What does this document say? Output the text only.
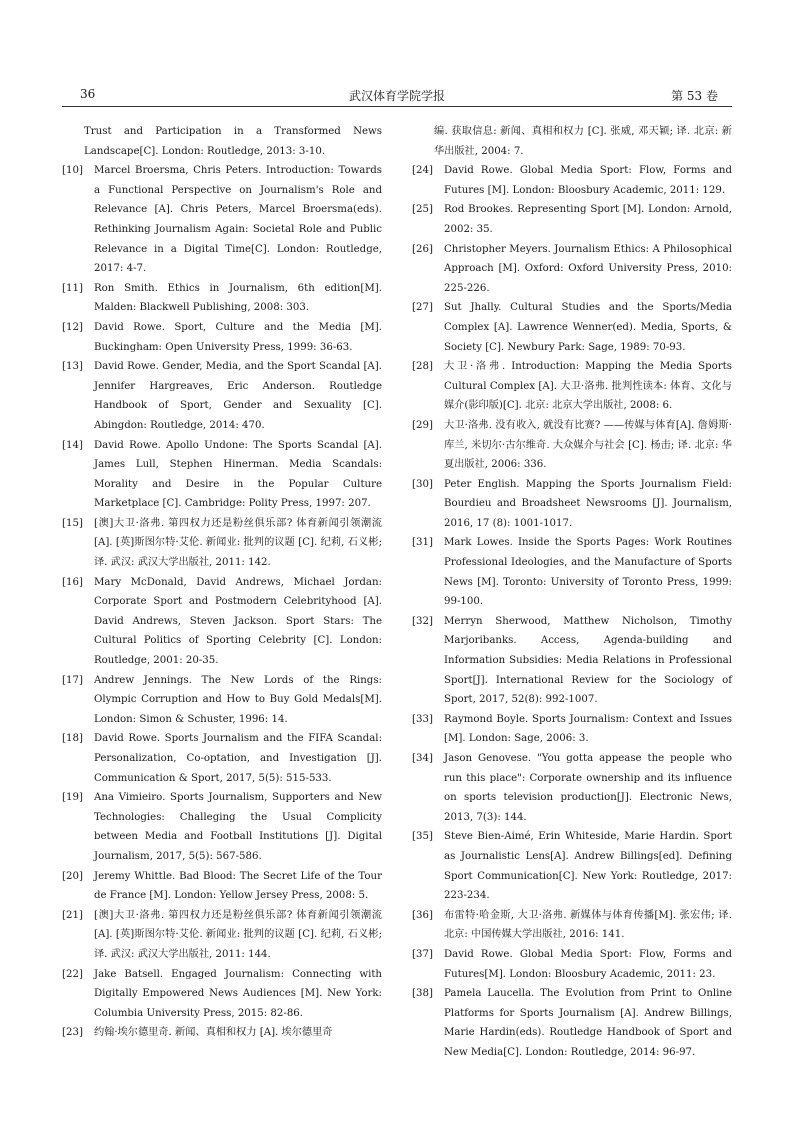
36	武汉体育学院学报	第 53 卷
Trust and Participation in a Transformed News Landscape[C]. London: Routledge, 2013: 3-10.
[10]	Marcel Broersma, Chris Peters. Introduction: Towards a Functional Perspective on Journalism's Role and Relevance [A]. Chris Peters, Marcel Broersma(eds). Rethinking Journalism Again: Societal Role and Public Relevance in a Digital Time[C]. London: Routledge, 2017: 4-7.
[11]	Ron Smith. Ethics in Journalism, 6th edition[M]. Malden: Blackwell Publishing, 2008: 303.
[12]	David Rowe. Sport, Culture and the Media [M]. Buckingham: Open University Press, 1999: 36-63.
[13]	David Rowe. Gender, Media, and the Sport Scandal [A]. Jennifer Hargreaves, Eric Anderson. Routledge Handbook of Sport, Gender and Sexuality [C]. Abingdon: Routledge, 2014: 470.
[14]	David Rowe. Apollo Undone: The Sports Scandal [A]. James Lull, Stephen Hinerman. Media Scandals: Morality and Desire in the Popular Culture Marketplace [C]. Cambridge: Polity Press, 1997: 207.
[15]	[澳]大卫·洛弗. 第四权力还是粉丝俱乐部? 体育新闻引领潮流[A]. [英]斯图尔特·艾伦. 新闻业: 批判的议题 [C]. 纪莉, 石义彬; 译. 武汉: 武汉大学出版社, 2011: 142.
[16]	Mary McDonald, David Andrews, Michael Jordan: Corporate Sport and Postmodern Celebrityhood [A]. David Andrews, Steven Jackson. Sport Stars: The Cultural Politics of Sporting Celebrity [C]. London: Routledge, 2001: 20-35.
[17]	Andrew Jennings. The New Lords of the Rings: Olympic Corruption and How to Buy Gold Medals[M]. London: Simon & Schuster, 1996: 14.
[18]	David Rowe. Sports Journalism and the FIFA Scandal: Personalization, Co-optation, and Investigation [J]. Communication & Sport, 2017, 5(5): 515-533.
[19]	Ana Vimieiro. Sports Journalism, Supporters and New Technologies: Challeging the Usual Complicity between Media and Football Institutions [J]. Digital Journalism, 2017, 5(5): 567-586.
[20]	Jeremy Whittle. Bad Blood: The Secret Life of the Tour de France [M]. London: Yellow Jersey Press, 2008: 5.
[21]	[澳]大卫·洛弗. 第四权力还是粉丝俱乐部? 体育新闻引领潮流[A]. [英]斯图尔特·艾伦. 新闻业: 批判的议题 [C]. 纪莉, 石义彬; 译. 武汉: 武汉大学出版社, 2011: 144.
[22]	Jake Batsell. Engaged Journalism: Connecting with Digitally Empowered News Audiences [M]. New York: Columbia University Press, 2015: 82-86.
[23]	约翰·埃尔德里奇. 新闻、真相和权力 [A]. 埃尔德里奇
编. 获取信息: 新闻、真相和权力 [C]. 张威, 邓天颖; 译. 北京: 新华出版社, 2004: 7.
[24]	David Rowe. Global Media Sport: Flow, Forms and Futures [M]. London: Bloosbury Academic, 2011: 129.
[25]	Rod Brookes. Representing Sport [M]. London: Arnold, 2002: 35.
[26]	Christopher Meyers. Journalism Ethics: A Philosophical Approach [M]. Oxford: Oxford University Press, 2010: 225-226.
[27]	Sut Jhally. Cultural Studies and the Sports/Media Complex [A]. Lawrence Wenner(ed). Media, Sports, & Society [C]. Newbury Park: Sage, 1989: 70-93.
[28]	大卫·洛弗. Introduction: Mapping the Media Sports Cultural Complex [A]. 大卫·洛弗. 批判性读本: 体育、文化与媒介(影印版)[C]. 北京: 北京大学出版社, 2008: 6.
[29]	大卫·洛弗. 没有收入, 就没有比赛? ——传媒与体育[A]. 詹姆斯·库兰, 米切尔·古尔维奇. 大众媒介与社会 [C]. 杨击; 译. 北京: 华夏出版社, 2006: 336.
[30]	Peter English. Mapping the Sports Journalism Field: Bourdieu and Broadsheet Newsrooms [J]. Journalism, 2016, 17 (8): 1001-1017.
[31]	Mark Lowes. Inside the Sports Pages: Work Routines Professional Ideologies, and the Manufacture of Sports News [M]. Toronto: University of Toronto Press, 1999: 99-100.
[32]	Merryn Sherwood, Matthew Nicholson, Timothy Marjoribanks. Access, Agenda-building and Information Subsidies: Media Relations in Professional Sport[J]. International Review for the Sociology of Sport, 2017, 52(8): 992-1007.
[33]	Raymond Boyle. Sports Journalism: Context and Issues [M]. London: Sage, 2006: 3.
[34]	Jason Genovese. "You gotta appease the people who run this place": Corporate ownership and its influence on sports television production[J]. Electronic News, 2013, 7(3): 144.
[35]	Steve Bien-Aimé, Erin Whiteside, Marie Hardin. Sport as Journalistic Lens[A]. Andrew Billings[ed]. Defining Sport Communication[C]. New York: Routledge, 2017: 223-234.
[36]	布雷特·哈金斯, 大卫·洛弗. 新媒体与体育传播[M]. 张宏伟; 译. 北京: 中国传媒大学出版社, 2016: 141.
[37]	David Rowe. Global Media Sport: Flow, Forms and Futures[M]. London: Bloosbury Academic, 2011: 23.
[38]	Pamela Laucella. The Evolution from Print to Online Platforms for Sports Journalism [A]. Andrew Billings, Marie Hardin(eds). Routledge Handbook of Sport and New Media[C]. London: Routledge, 2014: 96-97.
